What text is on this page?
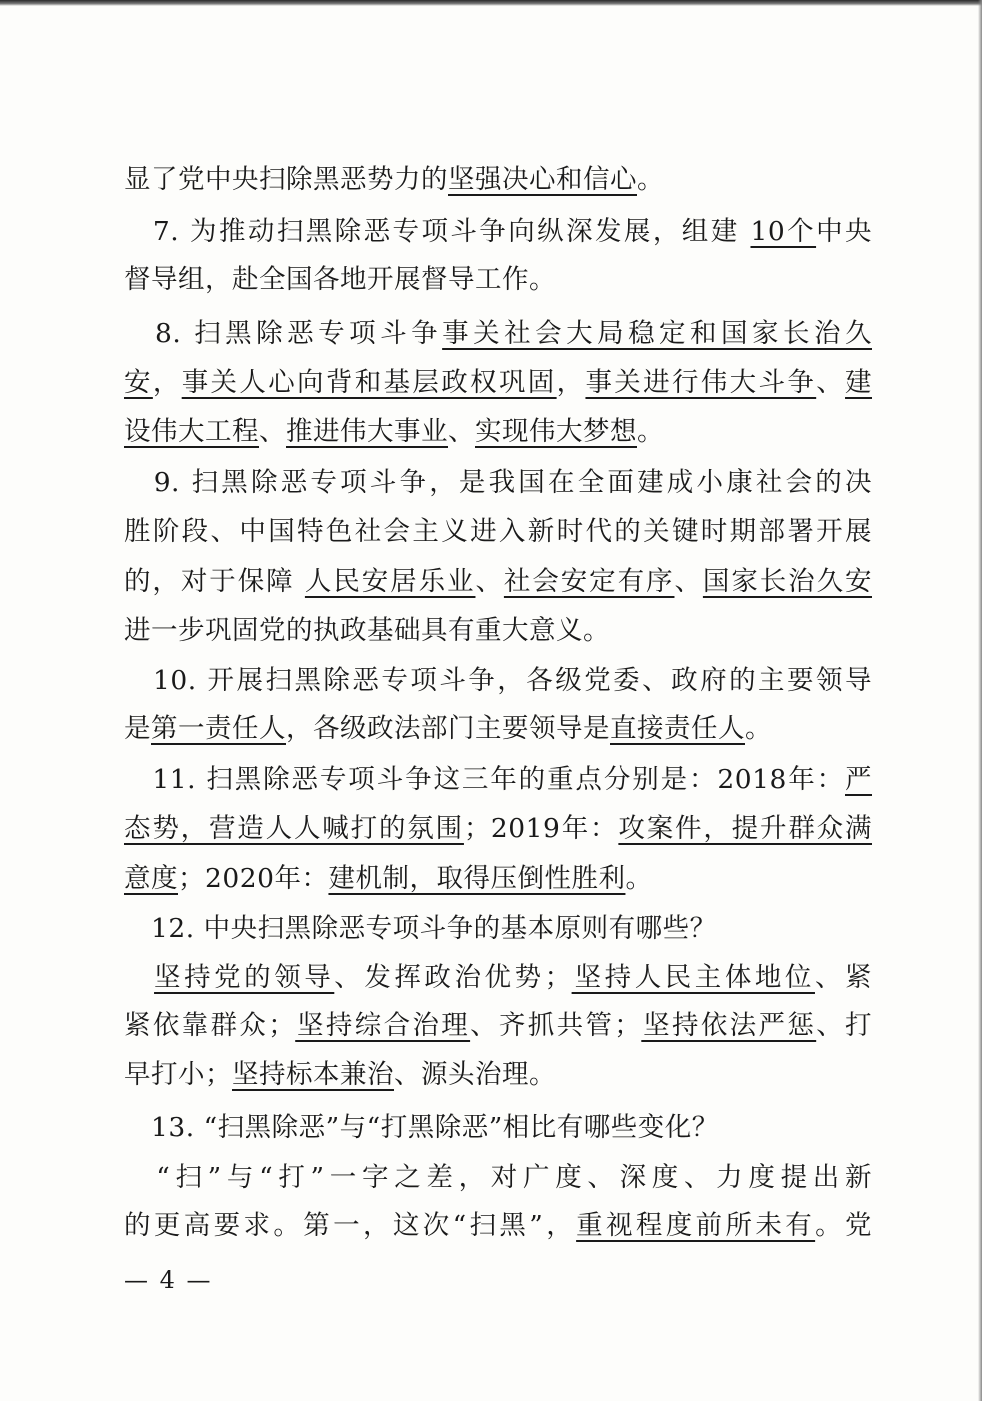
显了党中央扫除黑恶势力的坚强决心和信心。
　7. 为推动扫黑除恶专项斗争向纵深发展，组建 10个中央
督导组，赴全国各地开展督导工作。
　8. 扫黑除恶专项斗争事关社会大局稳定和国家长治久
安，事关人心向背和基层政权巩固，事关进行伟大斗争、建
设伟大工程、推进伟大事业、实现伟大梦想。
　9. 扫黑除恶专项斗争，是我国在全面建成小康社会的决
胜阶段、中国特色社会主义进入新时代的关键时期部署开展
的，对于保障 人民安居乐业、社会安定有序、国家长治久安
进一步巩固党的执政基础具有重大意义。
　10. 开展扫黑除恶专项斗争，各级党委、政府的主要领导
是第一责任人，各级政法部门主要领导是直接责任人。
　11. 扫黑除恶专项斗争这三年的重点分别是：2018年：严
态势，营造人人喊打的氛围；2019年：攻案件，提升群众满
意度；2020年：建机制，取得压倒性胜利。
　12. 中央扫黑除恶专项斗争的基本原则有哪些？
　坚持党的领导、发挥政治优势；坚持人民主体地位、紧
紧依靠群众；坚持综合治理、齐抓共管；坚持依法严惩、打
早打小；坚持标本兼治、源头治理。
　13. “扫黑除恶”与“打黑除恶”相比有哪些变化？
　“扫”与“打”一字之差，对广度、深度、力度提出新
的更高要求。第一，这次“扫黑”，重视程度前所未有。党
— 4 —
